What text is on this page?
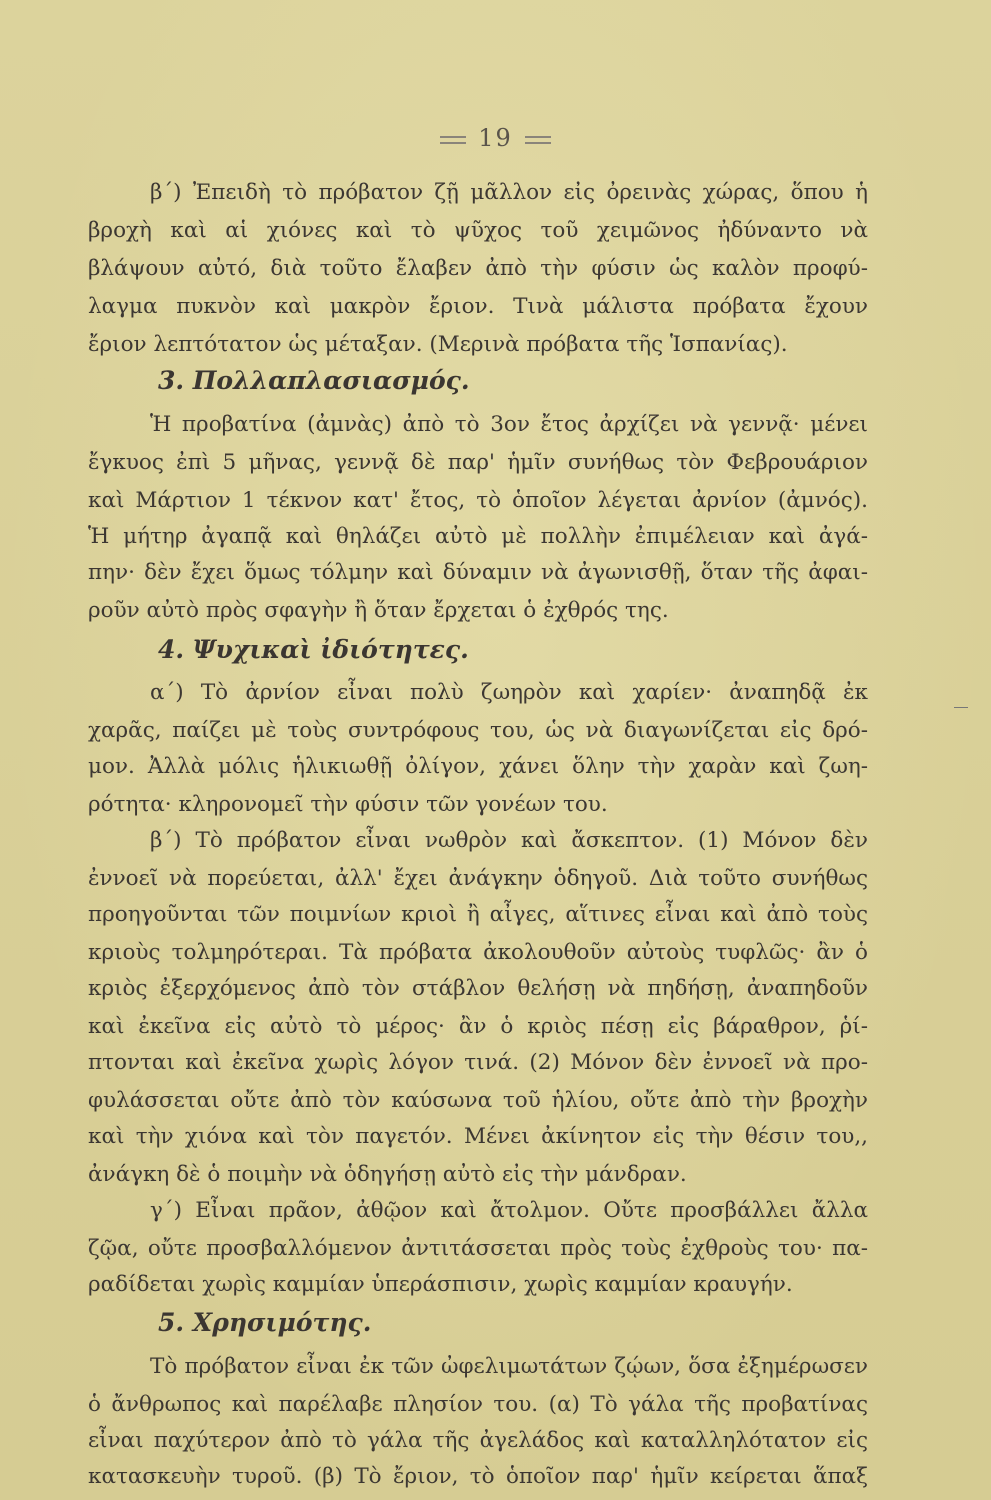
19
β΄) Ἐπειδὴ τὸ πρόβατον ζῇ μᾶλλον εἰς ὀρεινὰς χώρας, ὅπου ἡ
βροχὴ καὶ αἱ χιόνες καὶ τὸ ψῦχος τοῦ χειμῶνος ἠδύναντο νὰ
βλάψουν αὐτό, διὰ τοῦτο ἔλαβεν ἀπὸ τὴν φύσιν ὡς καλὸν προφύ-
λαγμα πυκνὸν καὶ μακρὸν ἔριον. Τινὰ μάλιστα πρόβατα ἔχουν
ἔριον λεπτότατον ὡς μέταξαν. (Μερινὰ πρόβατα τῆς Ἱσπανίας).
3. Πολλαπλασιασμός.
Ἡ προβατίνα (ἀμνὰς) ἀπὸ τὸ 3ον ἔτος ἀρχίζει νὰ γεννᾷ· μένει
ἔγκυος ἐπὶ 5 μῆνας, γεννᾷ δὲ παρ' ἡμῖν συνήθως τὸν Φεβρουάριον
καὶ Μάρτιον 1 τέκνον κατ' ἔτος, τὸ ὁποῖον λέγεται ἀρνίον (ἀμνός).
Ἡ μήτηρ ἀγαπᾷ καὶ θηλάζει αὐτὸ μὲ πολλὴν ἐπιμέλειαν καὶ ἀγά-
πην· δὲν ἔχει ὅμως τόλμην καὶ δύναμιν νὰ ἀγωνισθῇ, ὅταν τῆς ἀφαι-
ροῦν αὐτὸ πρὸς σφαγὴν ἢ ὅταν ἔρχεται ὁ ἐχθρός της.
4. Ψυχικαὶ ἰδιότητες.
α΄) Τὸ ἀρνίον εἶναι πολὺ ζωηρὸν καὶ χαρίεν· ἀναπηδᾷ ἐκ
χαρᾶς, παίζει μὲ τοὺς συντρόφους του, ὡς νὰ διαγωνίζεται εἰς δρό-
μον. Ἀλλὰ μόλις ἡλικιωθῇ ὀλίγον, χάνει ὅλην τὴν χαρὰν καὶ ζωη-
ρότητα· κληρονομεῖ τὴν φύσιν τῶν γονέων του.
β΄) Τὸ πρόβατον εἶναι νωθρὸν καὶ ἄσκεπτον. (1) Μόνον δὲν
ἐννοεῖ νὰ πορεύεται, ἀλλ' ἔχει ἀνάγκην ὁδηγοῦ. Διὰ τοῦτο συνήθως
προηγοῦνται τῶν ποιμνίων κριοὶ ἢ αἶγες, αἵτινες εἶναι καὶ ἀπὸ τοὺς
κριοὺς τολμηρότεραι. Τὰ πρόβατα ἀκολουθοῦν αὐτοὺς τυφλῶς· ἂν ὁ
κριὸς ἐξερχόμενος ἀπὸ τὸν στάβλον θελήσῃ νὰ πηδήσῃ, ἀναπηδοῦν
καὶ ἐκεῖνα εἰς αὐτὸ τὸ μέρος· ἂν ὁ κριὸς πέσῃ εἰς βάραθρον, ῥί-
πτονται καὶ ἐκεῖνα χωρὶς λόγον τινά. (2) Μόνον δὲν ἐννοεῖ νὰ προ-
φυλάσσεται οὔτε ἀπὸ τὸν καύσωνα τοῦ ἡλίου, οὔτε ἀπὸ τὴν βροχὴν
καὶ τὴν χιόνα καὶ τὸν παγετόν. Μένει ἀκίνητον εἰς τὴν θέσιν του,,
ἀνάγκη δὲ ὁ ποιμὴν νὰ ὁδηγήσῃ αὐτὸ εἰς τὴν μάνδραν.
γ΄) Εἶναι πρᾶον, ἀθῷον καὶ ἄτολμον. Οὔτε προσβάλλει ἄλλα
ζῷα, οὔτε προσβαλλόμενον ἀντιτάσσεται πρὸς τοὺς ἐχθροὺς του· πα-
ραδίδεται χωρὶς καμμίαν ὑπεράσπισιν, χωρὶς καμμίαν κραυγήν.
5. Χρησιμότης.
Τὸ πρόβατον εἶναι ἐκ τῶν ὠφελιμωτάτων ζῴων, ὅσα ἐξημέρωσεν
ὁ ἄνθρωπος καὶ παρέλαβε πλησίον του. (α) Τὸ γάλα τῆς προβατίνας
εἶναι παχύτερον ἀπὸ τὸ γάλα τῆς ἀγελάδος καὶ καταλληλότατον εἰς
κατασκευὴν τυροῦ. (β) Τὸ ἔριον, τὸ ὁποῖον παρ' ἡμῖν κείρεται ἅπαξ
